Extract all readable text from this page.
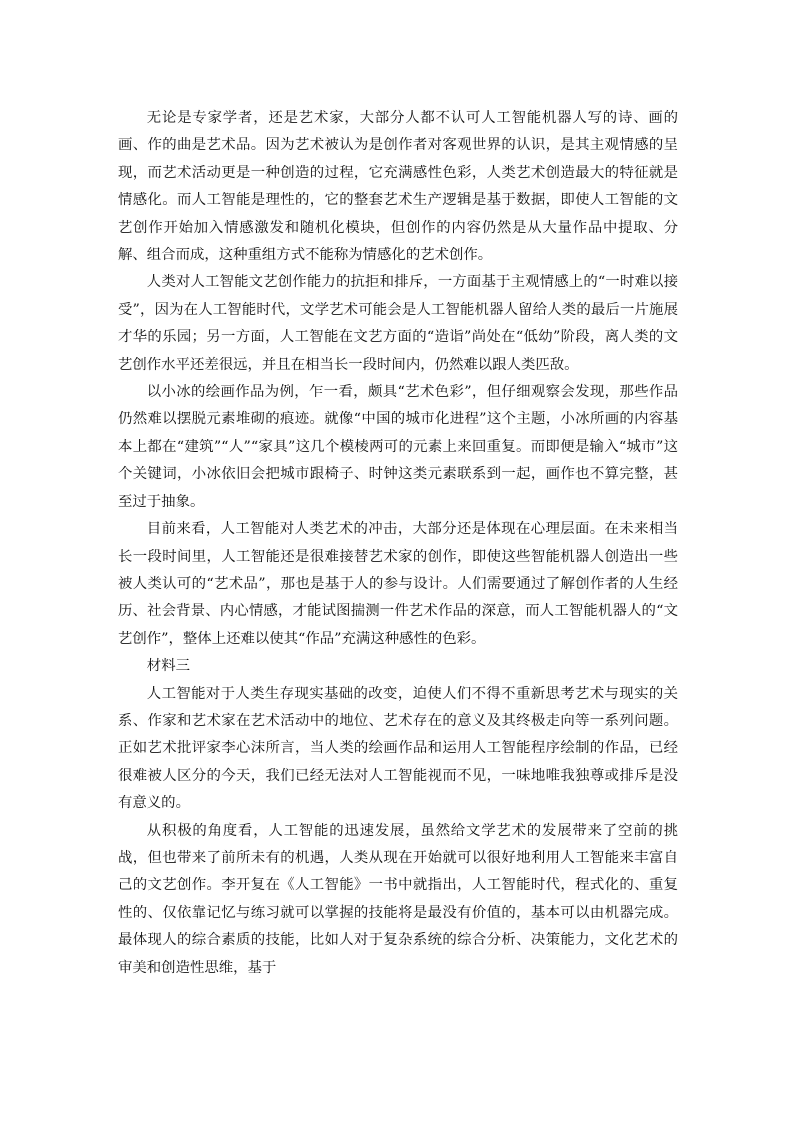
无论是专家学者，还是艺术家，大部分人都不认可人工智能机器人写的诗、画的画、作的曲是艺术品。因为艺术被认为是创作者对客观世界的认识，是其主观情感的呈现，而艺术活动更是一种创造的过程，它充满感性色彩，人类艺术创造最大的特征就是情感化。而人工智能是理性的，它的整套艺术生产逻辑是基于数据，即使人工智能的文艺创作开始加入情感激发和随机化模块，但创作的内容仍然是从大量作品中提取、分解、组合而成，这种重组方式不能称为情感化的艺术创作。

人类对人工智能文艺创作能力的抗拒和排斥，一方面基于主观情感上的“一时难以接受”，因为在人工智能时代，文学艺术可能会是人工智能机器人留给人类的最后一片施展才华的乐园；另一方面，人工智能在文艺方面的“造诣”尚处在“低幼”阶段，离人类的文艺创作水平还差很远，并且在相当长一段时间内，仍然难以跟人类匹敌。

以小冰的绘画作品为例，乍一看，颇具“艺术色彩”，但仔细观察会发现，那些作品仍然难以摆脱元素堆砌的痕迹。就像“中国的城市化进程”这个主题，小冰所画的内容基本上都在“建筑”“人”“家具”这几个模棱两可的元素上来回重复。而即便是输入“城市”这个关键词，小冰依旧会把城市跟椅子、时钟这类元素联系到一起，画作也不算完整，甚至过于抽象。

目前来看，人工智能对人类艺术的冲击，大部分还是体现在心理层面。在未来相当长一段时间里，人工智能还是很难接替艺术家的创作，即使这些智能机器人创造出一些被人类认可的“艺术品”，那也是基于人的参与设计。人们需要通过了解创作者的人生经历、社会背景、内心情感，才能试图揣测一件艺术作品的深意，而人工智能机器人的“文艺创作”，整体上还难以使其“作品”充满这种感性的色彩。

材料三

人工智能对于人类生存现实基础的改变，迫使人们不得不重新思考艺术与现实的关系、作家和艺术家在艺术活动中的地位、艺术存在的意义及其终极走向等一系列问题。正如艺术批评家李心沫所言，当人类的绘画作品和运用人工智能程序绘制的作品，已经很难被人区分的今天，我们已经无法对人工智能视而不见，一味地唯我独尊或排斥是没有意义的。

从积极的角度看，人工智能的迅速发展，虽然给文学艺术的发展带来了空前的挑战，但也带来了前所未有的机遇，人类从现在开始就可以很好地利用人工智能来丰富自己的文艺创作。李开复在《人工智能》一书中就指出，人工智能时代，程式化的、重复性的、仅依靠记忆与练习就可以掌握的技能将是最没有价值的，基本可以由机器完成。最体现人的综合素质的技能，比如人对于复杂系统的综合分析、决策能力，文化艺术的审美和创造性思维，基于
